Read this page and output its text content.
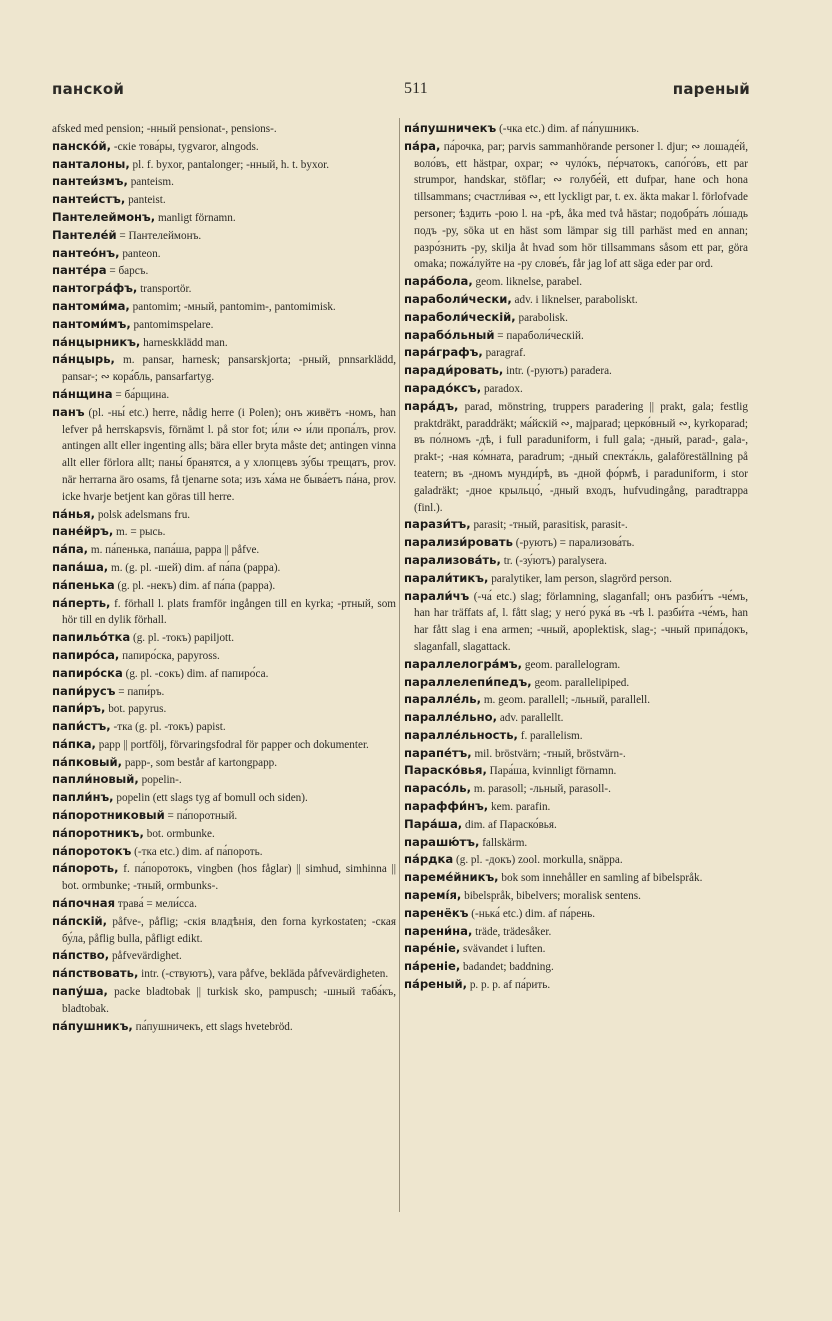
панской	511	пареный

afsked med pension; -нный pensionat-, pensions-.

панско́й, -скіе това́ры, tygvaror, alngods.

панталоны, pl. f. byxor, pantalonger; -нный, h. t. byxor.

пантеи́змъ, panteism.

пантеи́стъ, panteist.

Пантелеймонъ, manligt förnamn.

Пантеле́й = Пантелеймонъ.

пантео́нъ, panteon.

панте́ра = барсъ.

пантогра́фъ, transportör.

пантоми́ма, pantomim; -мный, pantomim-, pantomimisk.

пантоми́мъ, pantomimspelare.

па́нцырникъ, harneskklädd man.

па́нцырь, m. pansar, harnesk; pansarskjorta; -рный, pnnsarklädd, pansar-; ∾ кора́бль, pansarfartyg.

па́нщина = ба́рщина.

панъ (pl. -ны́ etc.) herre, nådig herre (i Polen); онъ живётъ -номъ, han lefver på herrskapsvis, förnämt l. på stor fot; и́ли ∾ и́ли пропа́лъ, prov. antingen allt eller ingenting alls; bära eller bryta måste det; antingen vinna allt eller förlora allt; паны́ бранятся, а у хлопцевъ зу́бы трещатъ, prov. när herrarna äro osams, få tjenarne sota; изъ ха́ма не быва́етъ па́на, prov. icke hvarje betjent kan göras till herre.

па́нья, polsk adelsmans fru.

пане́йръ, m. = рысь.

па́па, m. па́пенька, папа́ша, pappa || påfve.

папа́ша, m. (g. pl. -шей) dim. af па́па (pappa).

па́пенька (g. pl. -некъ) dim. af па́па (pappa).

па́перть, f. förhall l. plats framför ingången till en kyrka; -ртный, som hör till en dylik förhall.

папильо́тка (g. pl. -токъ) papiljott.

папиро́са, папиро́ска, papyross.

папиро́ска (g. pl. -сокъ) dim. af папиро́са.

папи́русъ = папи́ръ.

папи́ръ, bot. papyrus.

папи́стъ, -тка (g. pl. -токъ) papist.

па́пка, papp || portfölj, förvaringsfodral för papper och dokumenter.

па́пковый, papp-, som består af kartongpapp.

папли́новый, popelin-.

папли́нъ, popelin (ett slags tyg af bomull och siden).

па́поротниковый = па́поротный.

па́поротникъ, bot. ormbunke.

па́поротокъ (-тка etc.) dim. af па́пороть.

па́пороть, f. па́поротокъ, vingben (hos fåglar) || simhud, simhinna || bot. ormbunke; -тный, ormbunks-.

па́почная трава́ = мели́сса.

па́пскій, påfve-, påflig; -скія владѣнія, den forna kyrkostaten; -ская бу́ла, påflig bulla, påfligt edikt.

па́пство, påfvevärdighet.

па́пствовать, intr. (-ствуютъ), vara påfve, bekläda påfvevärdigheten.

папу́ша, packe bladtobak || turkisk sko, pampusch; -шный таба́къ, bladtobak.

па́пушникъ, па́пушничекъ, ett slags hvetebröd.

па́пушничекъ (-чка etc.) dim. af па́пушникъ.

па́ра, па́рочка, par; parvis sammanhörande personer l. djur; ∾ лошаде́й, воло́въ, ett hästpar, oxpar; ∾ чуло́къ, пе́рчатокъ, сапо́го́въ, ett par strumpor, handskar, stöflar; ∾ голубе́й, ett dufpar, hane och hona tillsammans; счастли́вая ∾, ett lyckligt par, t. ex. äkta makar l. förlofvade personer; ѣздить -рою l. на -рѣ, åka med två hästar; подобра́ть ло́шадь подъ -ру, söka ut en häst som lämpar sig till parhäst med en annan; разро́знить -ру, skilja åt hvad som hör tillsammans såsom ett par, göra omaka; пожа́луйте на -ру слове́ъ, får jag lof att säga eder par ord.

пара́бола, geom. liknelse, parabel.

параболи́чески, adv. i liknelser, paraboliskt.

параболи́ческій, parabolisk.

парабо́льный = параболи́ческій.

пара́графъ, paragraf.

паради́ровать, intr. (-руютъ) paradera.

парадо́ксъ, paradox.

пара́дъ, parad, mönstring, truppers paradering || prakt, gala; festlig praktdräkt, paraddräkt; ма́йскій ∾, majparad; церко́вный ∾, kyrkoparad; въ по́лномъ -дѣ, i full paraduniform, i full gala; -дный, parad-, gala-, prakt-; -ная ко́мната, paradrum; -дный спекта́кль, galaföreställning på teatern; въ -дномъ мунди́рѣ, въ -дной фо́рмѣ, i paraduniform, i stor galadräkt; -дное крыльцо́, -дный входъ, hufvudingång, paradtrappa (finl.).

парази́тъ, parasit; -тный, parasitisk, parasit-.

парализи́ровать (-руютъ) = парализова́ть.

парализова́ть, tr. (-зу́ютъ) paralysera.

парали́тикъ, paralytiker, lam person, slagrörd person.

парали́чъ (-ча́ etc.) slag; förlamning, slaganfall; онъ разби́тъ -че́мъ, han har träffats af, l. fått slag; у него́ рука́ въ -чѣ l. разби́та -че́мъ, han har fått slag i ena armen; -чный, apoplektisk, slag-; -чный припа́докъ, slaganfall, slagattack.

параллелогра́мъ, geom. parallelogram.

параллелепи́педъ, geom. parallelipiped.

паралле́ль, m. geom. parallell; -льный, parallell.

паралле́льно, adv. parallellt.

паралле́льность, f. parallelism.

парапе́тъ, mil. bröstvärn; -тный, bröstvärn-.

Параско́вья, Пара́ша, kvinnligt förnamn.

парасо́ль, m. parasoll; -льный, parasoll-.

параффи́нъ, kem. parafin.

Пара́ша, dim. af Параско́вья.

парашю́тъ, fallskärm.

па́рдка (g. pl. -докъ) zool. morkulla, snäppa.

пареме́йникъ, bok som innehåller en samling af bibelspråk.

паремі́я, bibelspråk, bibelvers; moralisk sentens.

паренёкъ (-нька́ etc.) dim. af па́рень.

парени́на, träde, trädesåker.

паре́ніе, svävandet i luften.

па́реніе, badandet; baddning.

па́реный, p. p. p. af па́рить.
